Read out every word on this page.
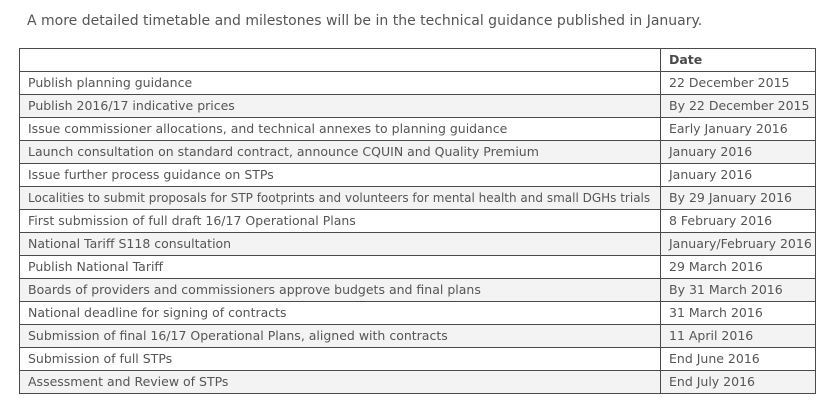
A more detailed timetable and milestones will be in the technical guidance published in January.

	Date
Publish planning guidance	22 December 2015
Publish 2016/17 indicative prices	By 22 December 2015
Issue commissioner allocations, and technical annexes to planning guidance	Early January 2016
Launch consultation on standard contract, announce CQUIN and Quality Premium	January 2016
Issue further process guidance on STPs	January 2016
Localities to submit proposals for STP footprints and volunteers for mental health and small DGHs trials	By 29 January 2016
First submission of full draft 16/17 Operational Plans	8 February 2016
National Tariff S118 consultation	January/February 2016
Publish National Tariff	29 March 2016
Boards of providers and commissioners approve budgets and final plans	By 31 March 2016
National deadline for signing of contracts	31 March 2016
Submission of final 16/17 Operational Plans, aligned with contracts	11 April 2016
Submission of full STPs	End June 2016
Assessment and Review of STPs	End July 2016
